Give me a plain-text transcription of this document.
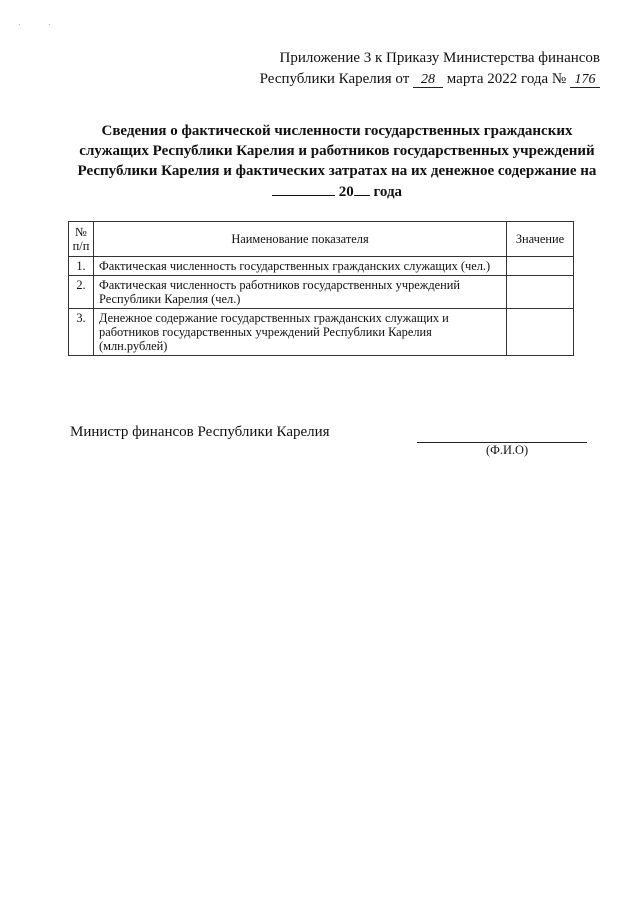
·	·
Приложение 3 к Приказу Министерства финансов
Республики Карелия от 28 марта 2022 года № 176
Сведения о фактической численности государственных гражданских
служащих Республики Карелия и работников государственных учреждений
Республики Карелия и фактических затратах на их денежное содержание на
20 года
№ п/п	Наименование показателя	Значение
1.	Фактическая численность государственных гражданских служащих (чел.)	
2.	Фактическая численность работников государственных учреждений Республики Карелия (чел.)	
3.	Денежное содержание государственных гражданских служащих и работников государственных учреждений Республики Карелия (млн.рублей)	
Министр финансов Республики Карелия
(Ф.И.О)
